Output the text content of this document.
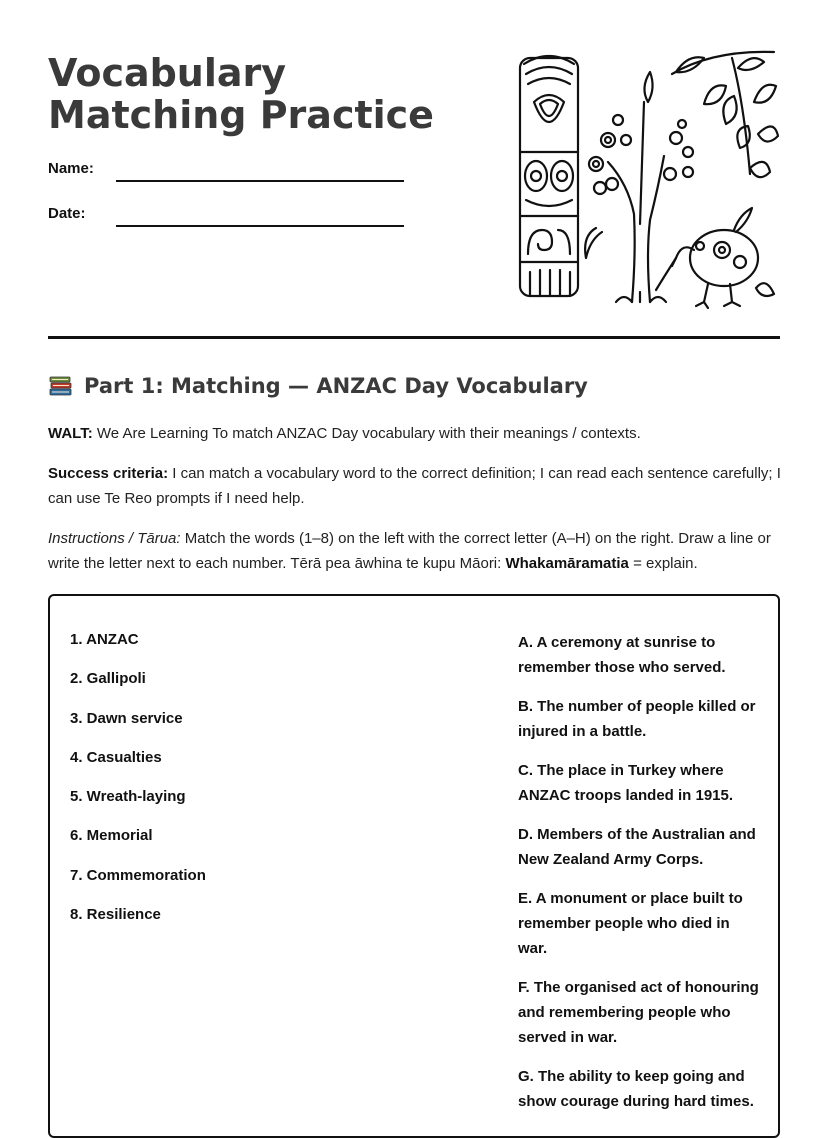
Vocabulary Matching Practice
Name:
Date:
Part 1: Matching — ANZAC Day Vocabulary

WALT: We Are Learning To match ANZAC Day vocabulary with their meanings / contexts.

Success criteria: I can match a vocabulary word to the correct definition; I can read each sentence carefully; I can use Te Reo prompts if I need help.

Instructions / Tārua: Match the words (1–8) on the left with the correct letter (A–H) on the right. Draw a line or write the letter next to each number. Tērā pea āwhina te kupu Māori: Whakamāramatia = explain.

1. ANZAC
2. Gallipoli
3. Dawn service
4. Casualties
5. Wreath-laying
6. Memorial
7. Commemoration
8. Resilience
A. A ceremony at sunrise to remember those who served.
B. The number of people killed or injured in a battle.
C. The place in Turkey where ANZAC troops landed in 1915.
D. Members of the Australian and New Zealand Army Corps.
E. A monument or place built to remember people who died in war.
F. The organised act of honouring and remembering people who served in war.
G. The ability to keep going and show courage during hard times.
